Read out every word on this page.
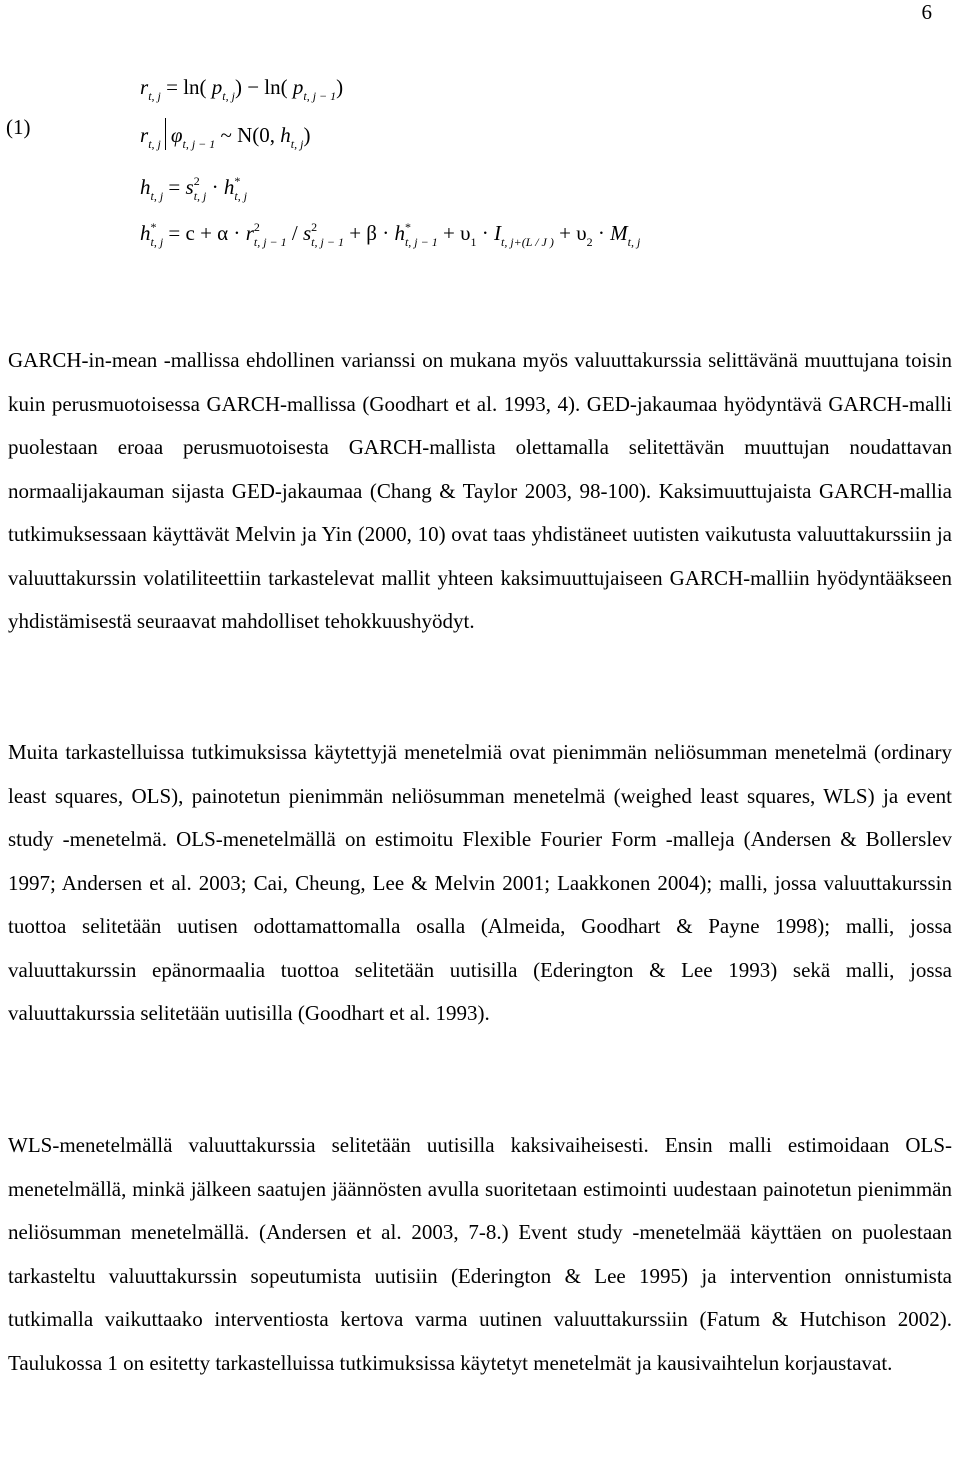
6
(1)
$r_{t, j} = \ln$( $p_{t, j}) - \ln$( $p_{t, j - 1}$)
$r_{t, j}$ $\varphi_{t, j - 1}$ ~ N(0, $h_{t, j}$)
$h_{t, j} = s^2_{t, j} \cdot h^*_{t, j}$
$h^*_{t, j} = c + \alpha \cdot r^2_{t, j - 1} / s^2_{t, j - 1} + \beta \cdot h^*_{t, j - 1} + \upsilon_1 \cdot I_{t, j+(L / J )} + \upsilon_2 \cdot M_{t, j}$

GARCH-in-mean -mallissa ehdollinen varianssi on mukana myös valuuttakurssia selittävänä muuttujana toisin kuin perusmuotoisessa GARCH-mallissa (Goodhart et al. 1993, 4). GED-jakaumaa hyödyntävä GARCH-malli puolestaan eroaa perusmuotoisesta GARCH-mallista olettamalla selitettävän muuttujan noudattavan normaalijakauman sijasta GED-jakaumaa (Chang & Taylor 2003, 98-100). Kaksimuuttujaista GARCH-mallia tutkimuksessaan käyttävät Melvin ja Yin (2000, 10) ovat taas yhdistäneet uutisten vaikutusta valuuttakurssiin ja valuuttakurssin volatiliteettiin tarkastelevat mallit yhteen kaksimuuttujaiseen GARCH-malliin hyödyntääkseen yhdistämisestä seuraavat mahdolliset tehokkuushyödyt.

Muita tarkastelluissa tutkimuksissa käytettyjä menetelmiä ovat pienimmän neliösumman menetelmä (ordinary least squares, OLS), painotetun pienimmän neliösumman menetelmä (weighed least squares, WLS) ja event study -menetelmä. OLS-menetelmällä on estimoitu Flexible Fourier Form -malleja (Andersen & Bollerslev 1997; Andersen et al. 2003; Cai, Cheung, Lee & Melvin 2001; Laakkonen 2004); malli, jossa valuuttakurssin tuottoa selitetään uutisen odottamattomalla osalla (Almeida, Goodhart & Payne 1998); malli, jossa valuuttakurssin epänormaalia tuottoa selitetään uutisilla (Ederington & Lee 1993) sekä malli, jossa valuuttakurssia selitetään uutisilla (Goodhart et al. 1993).

WLS-menetelmällä valuuttakurssia selitetään uutisilla kaksivaiheisesti. Ensin malli estimoidaan OLS-menetelmällä, minkä jälkeen saatujen jäännösten avulla suoritetaan estimointi uudestaan painotetun pienimmän neliösumman menetelmällä. (Andersen et al. 2003, 7-8.) Event study -menetelmää käyttäen on puolestaan tarkasteltu valuuttakurssin sopeutumista uutisiin (Ederington & Lee 1995) ja intervention onnistumista tutkimalla vaikuttaako interventiosta kertova varma uutinen valuuttakurssiin (Fatum & Hutchison 2002). Taulukossa 1 on esitetty tarkastelluissa tutkimuksissa käytetyt menetelmät ja kausivaihtelun korjaustavat.
